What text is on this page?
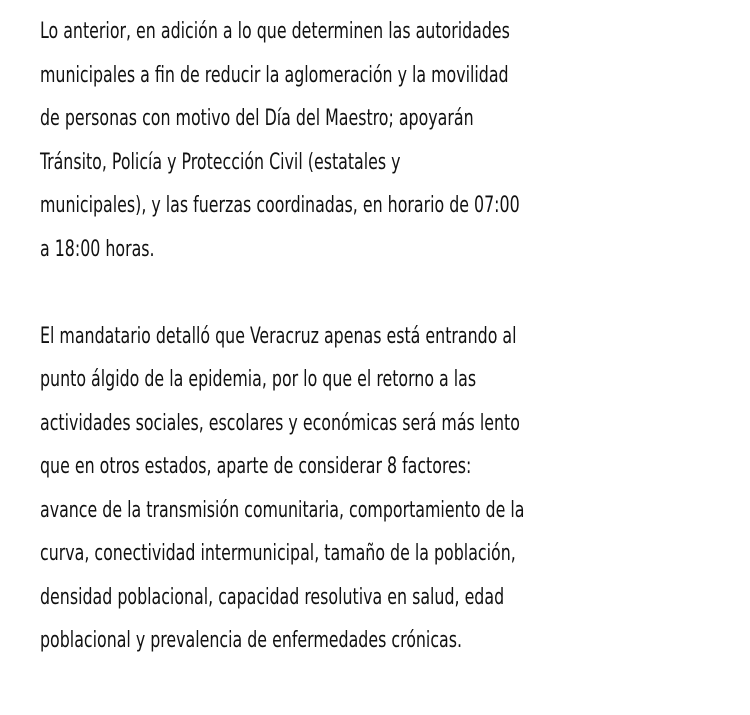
Lo anterior, en adición a lo que determinen las autoridades
municipales a fin de reducir la aglomeración y la movilidad
de personas con motivo del Día del Maestro; apoyarán
Tránsito, Policía y Protección Civil (estatales y
municipales), y las fuerzas coordinadas, en horario de 07:00
a 18:00 horas.

El mandatario detalló que Veracruz apenas está entrando al
punto álgido de la epidemia, por lo que el retorno a las
actividades sociales, escolares y económicas será más lento
que en otros estados, aparte de considerar 8 factores:
avance de la transmisión comunitaria, comportamiento de la
curva, conectividad intermunicipal, tamaño de la población,
densidad poblacional, capacidad resolutiva en salud, edad
poblacional y prevalencia de enfermedades crónicas.
